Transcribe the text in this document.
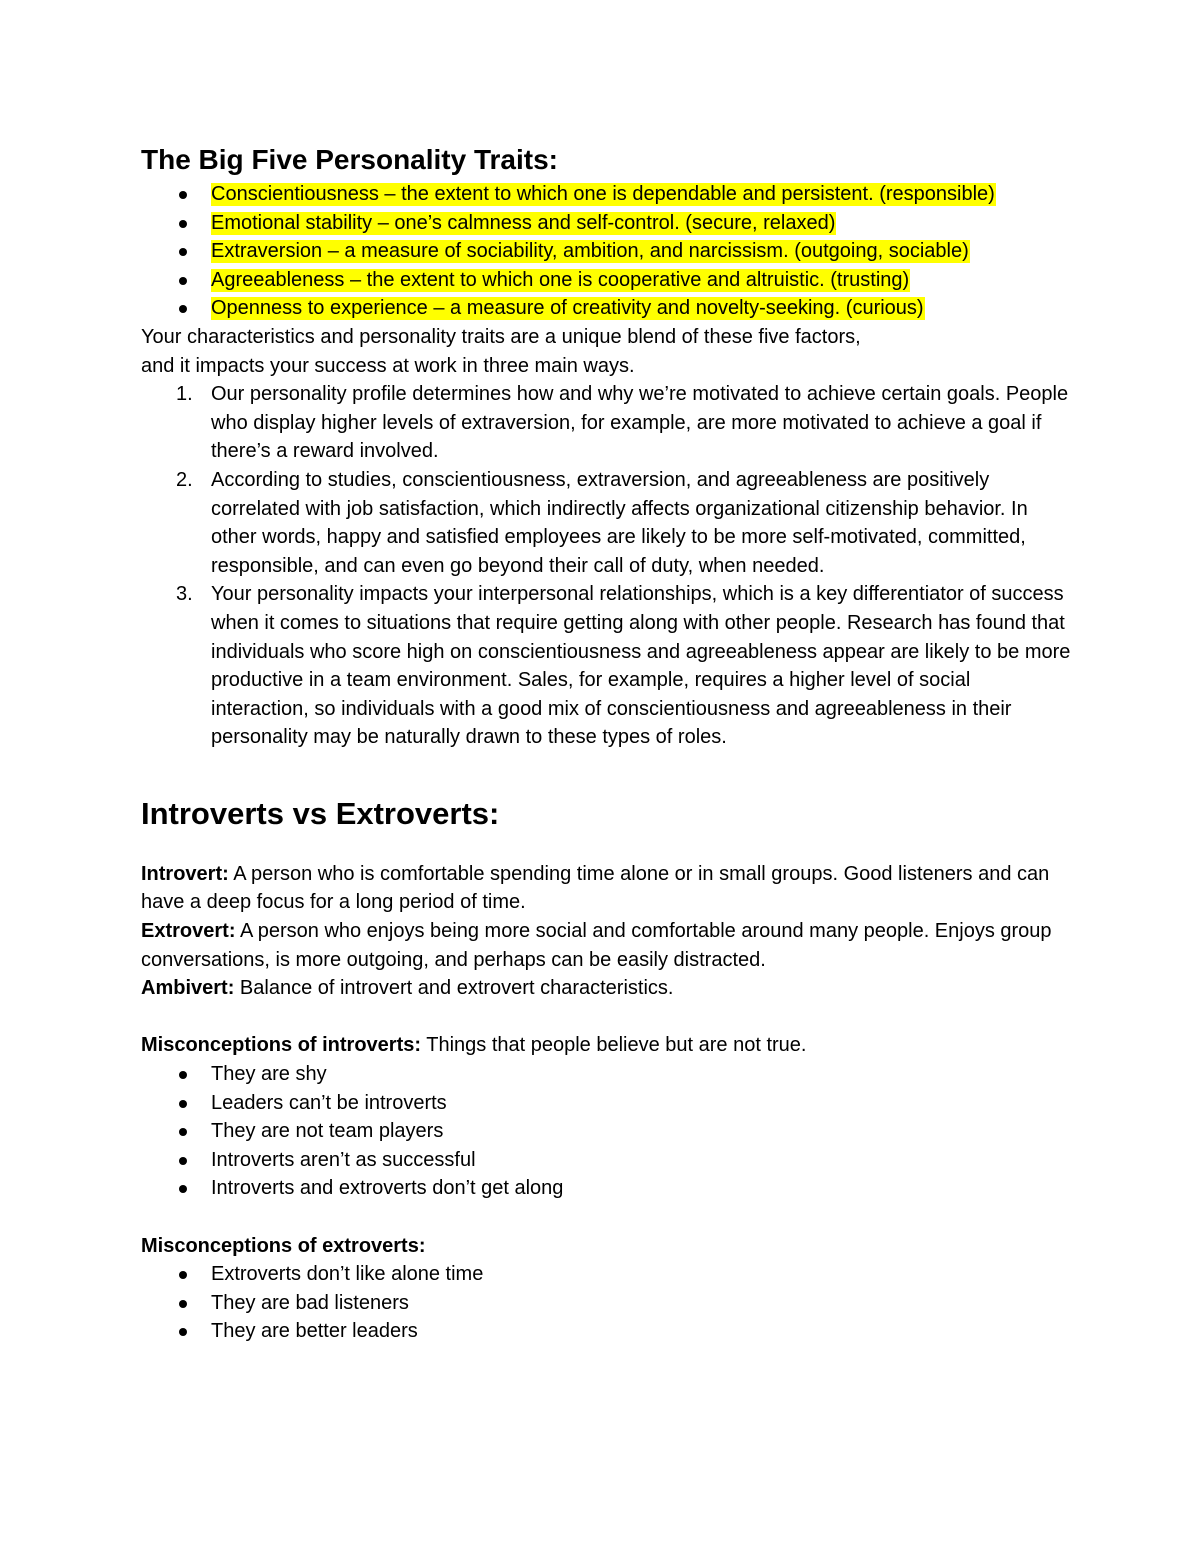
The Big Five Personality Traits:
Conscientiousness – the extent to which one is dependable and persistent. (responsible)
Emotional stability – one’s calmness and self-control. (secure, relaxed)
Extraversion – a measure of sociability, ambition, and narcissism. (outgoing, sociable)
Agreeableness – the extent to which one is cooperative and altruistic. (trusting)
Openness to experience – a measure of creativity and novelty-seeking. (curious)

Your characteristics and personality traits are a unique blend of these five factors,

and it impacts your success at work in three main ways.

1. Our personality profile determines how and why we’re motivated to achieve certain goals. People who display higher levels of extraversion, for example, are more motivated to achieve a goal if there’s a reward involved.
2. According to studies, conscientiousness, extraversion, and agreeableness are positively correlated with job satisfaction, which indirectly affects organizational citizenship behavior. In other words, happy and satisfied employees are likely to be more self-motivated, committed, responsible, and can even go beyond their call of duty, when needed.
3. Your personality impacts your interpersonal relationships, which is a key differentiator of success when it comes to situations that require getting along with other people. Research has found that individuals who score high on conscientiousness and agreeableness appear are likely to be more productive in a team environment. Sales, for example, requires a higher level of social interaction, so individuals with a good mix of conscientiousness and agreeableness in their personality may be naturally drawn to these types of roles.
Introverts vs Extroverts:

Introvert: A person who is comfortable spending time alone or in small groups. Good listeners and can have a deep focus for a long period of time.

Extrovert: A person who enjoys being more social and comfortable around many people. Enjoys group conversations, is more outgoing, and perhaps can be easily distracted.

Ambivert: Balance of introvert and extrovert characteristics.

Misconceptions of introverts: Things that people believe but are not true.

They are shy
Leaders can’t be introverts
They are not team players
Introverts aren’t as successful
Introverts and extroverts don’t get along

Misconceptions of extroverts:

Extroverts don’t like alone time
They are bad listeners
They are better leaders
